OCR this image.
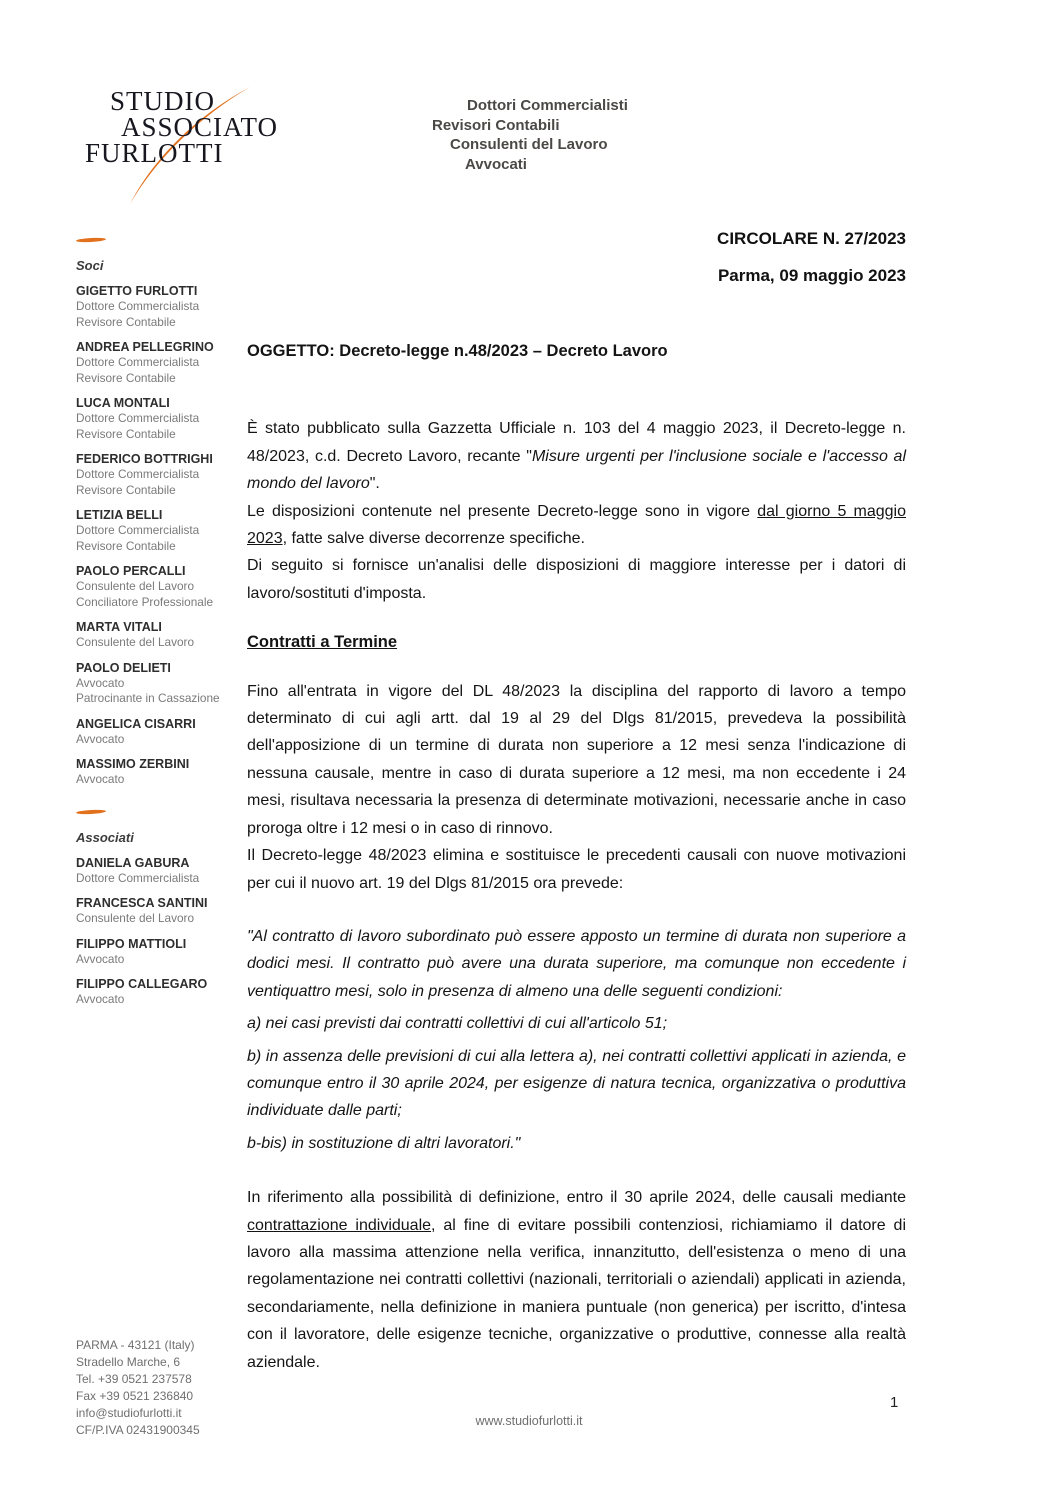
STUDIO
ASSOCIATO
FURLOTTI
Dottori Commercialisti
Revisori Contabili
Consulenti del Lavoro
Avvocati
CIRCOLARE N. 27/2023
Parma, 09 maggio 2023
Soci
GIGETTO FURLOTTI
Dottore Commercialista
Revisore Contabile
ANDREA PELLEGRINO
Dottore Commercialista
Revisore Contabile
LUCA MONTALI
Dottore Commercialista
Revisore Contabile
FEDERICO BOTTRIGHI
Dottore Commercialista
Revisore Contabile
LETIZIA BELLI
Dottore Commercialista
Revisore Contabile
PAOLO PERCALLI
Consulente del Lavoro
Conciliatore Professionale
MARTA VITALI
Consulente del Lavoro
PAOLO DELIETI
Avvocato
Patrocinante in Cassazione
ANGELICA CISARRI
Avvocato
MASSIMO ZERBINI
Avvocato
Associati
DANIELA GABURA
Dottore Commercialista
FRANCESCA SANTINI
Consulente del Lavoro
FILIPPO MATTIOLI
Avvocato
FILIPPO CALLEGARO
Avvocato
OGGETTO: Decreto-legge n.48/2023 – Decreto Lavoro

È stato pubblicato sulla Gazzetta Ufficiale n. 103 del 4 maggio 2023, il Decreto-legge n. 48/2023, c.d. Decreto Lavoro, recante "Misure urgenti per l'inclusione sociale e l'accesso al mondo del lavoro".

Le disposizioni contenute nel presente Decreto-legge sono in vigore dal giorno 5 maggio 2023, fatte salve diverse decorrenze specifiche.

Di seguito si fornisce un'analisi delle disposizioni di maggiore interesse per i datori di lavoro/sostituti d'imposta.

Contratti a Termine

Fino all'entrata in vigore del DL 48/2023 la disciplina del rapporto di lavoro a tempo determinato di cui agli artt. dal 19 al 29 del Dlgs 81/2015, prevedeva la possibilità dell'apposizione di un termine di durata non superiore a 12 mesi senza l'indicazione di nessuna causale, mentre in caso di durata superiore a 12 mesi, ma non eccedente i 24 mesi, risultava necessaria la presenza di determinate motivazioni, necessarie anche in caso proroga oltre i 12 mesi o in caso di rinnovo.

Il Decreto-legge 48/2023 elimina e sostituisce le precedenti causali con nuove motivazioni per cui il nuovo art. 19 del Dlgs 81/2015 ora prevede:

"Al contratto di lavoro subordinato può essere apposto un termine di durata non superiore a dodici mesi. Il contratto può avere una durata superiore, ma comunque non eccedente i ventiquattro mesi, solo in presenza di almeno una delle seguenti condizioni:

a) nei casi previsti dai contratti collettivi di cui all'articolo 51;

b) in assenza delle previsioni di cui alla lettera a), nei contratti collettivi applicati in azienda, e comunque entro il 30 aprile 2024, per esigenze di natura tecnica, organizzativa o produttiva individuate dalle parti;

b-bis) in sostituzione di altri lavoratori."

In riferimento alla possibilità di definizione, entro il 30 aprile 2024, delle causali mediante contrattazione individuale, al fine di evitare possibili contenziosi, richiamiamo il datore di lavoro alla massima attenzione nella verifica, innanzitutto, dell'esistenza o meno di una regolamentazione nei contratti collettivi (nazionali, territoriali o aziendali) applicati in azienda, secondariamente, nella definizione in maniera puntuale (non generica) per iscritto, d'intesa con il lavoratore, delle esigenze tecniche, organizzative o produttive, connesse alla realtà aziendale.

PARMA - 43121 (Italy)
Stradello Marche, 6
Tel. +39 0521 237578
Fax +39 0521 236840
info@studiofurlotti.it
CF/P.IVA 02431900345
www.studiofurlotti.it
1
